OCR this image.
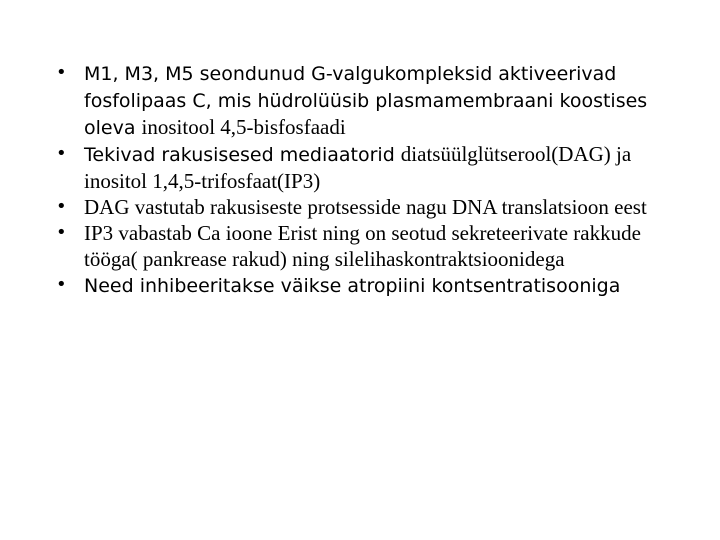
• M1, M3, M5 seondunud G-valgukompleksid aktiveerivad fosfolipaas C, mis hüdrolüüsib plasmamembraani koostises oleva inositool 4,5-bisfosfaadi
• Tekivad rakusisesed mediaatorid diatsüülglütserool(DAG) ja inositol 1,4,5-trifosfaat(IP3)
• DAG vastutab rakusiseste protsesside nagu DNA translatsioon eest
• IP3 vabastab Ca ioone Erist ning on seotud sekreteerivate rakkude tööga( pankrease rakud) ning silelihaskontraktsioonidega
• Need inhibeeritakse väikse atropiini kontsentratisooniga
